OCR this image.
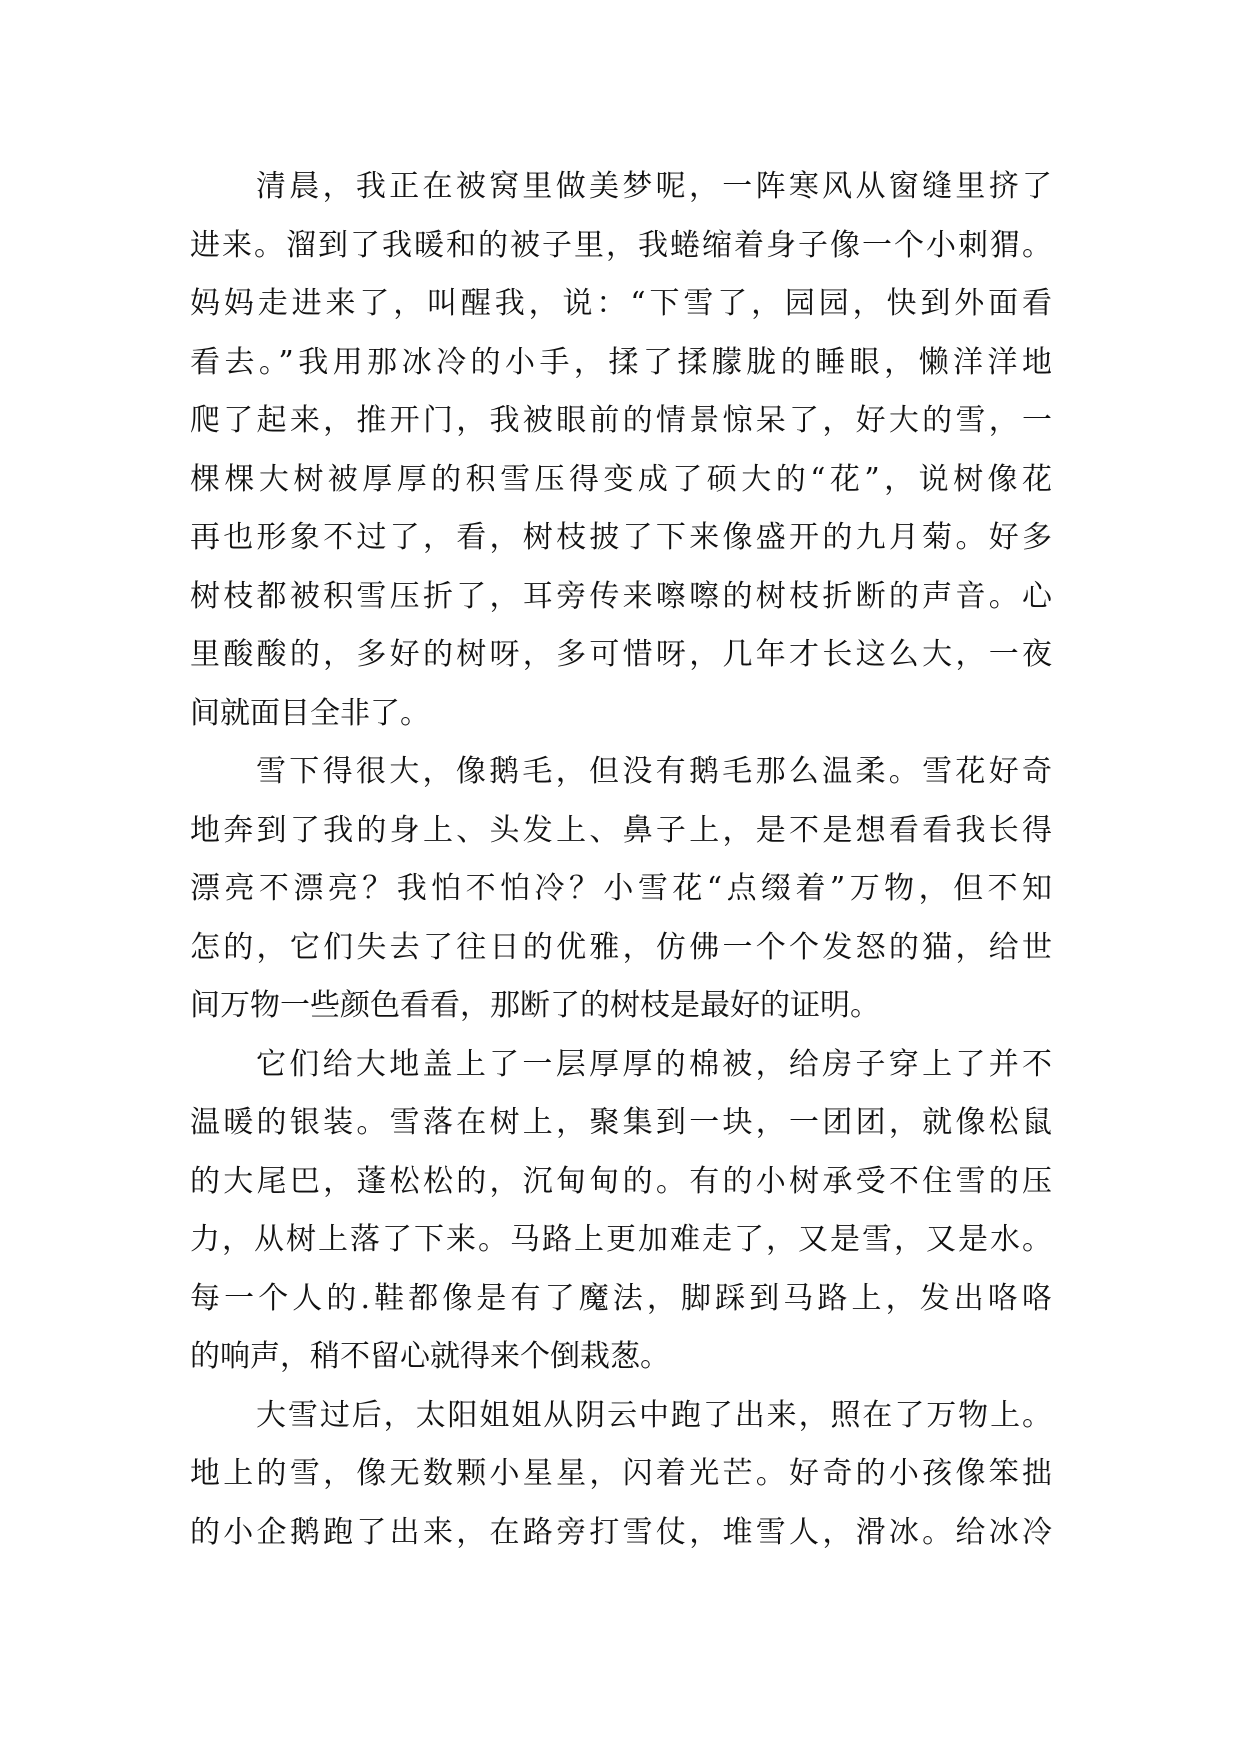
清晨，我正在被窝里做美梦呢，一阵寒风从窗缝里挤了
进来。溜到了我暖和的被子里，我蜷缩着身子像一个小刺猬。
妈妈走进来了，叫醒我，说：“下雪了，园园，快到外面看
看去。”我用那冰冷的小手，揉了揉朦胧的睡眼，懒洋洋地
爬了起来，推开门，我被眼前的情景惊呆了，好大的雪，一
棵棵大树被厚厚的积雪压得变成了硕大的“花”，说树像花
再也形象不过了，看，树枝披了下来像盛开的九月菊。好多
树枝都被积雪压折了，耳旁传来嚓嚓的树枝折断的声音。心
里酸酸的，多好的树呀，多可惜呀，几年才长这么大，一夜
间就面目全非了。
雪下得很大，像鹅毛，但没有鹅毛那么温柔。雪花好奇
地奔到了我的身上、头发上、鼻子上，是不是想看看我长得
漂亮不漂亮？我怕不怕冷？小雪花“点缀着”万物，但不知
怎的，它们失去了往日的优雅，仿佛一个个发怒的猫，给世
间万物一些颜色看看，那断了的树枝是最好的证明。
它们给大地盖上了一层厚厚的棉被，给房子穿上了并不
温暖的银装。雪落在树上，聚集到一块，一团团，就像松鼠
的大尾巴，蓬松松的，沉甸甸的。有的小树承受不住雪的压
力，从树上落了下来。马路上更加难走了，又是雪，又是水。
每一个人的.鞋都像是有了魔法，脚踩到马路上，发出咯咯
的响声，稍不留心就得来个倒栽葱。
大雪过后，太阳姐姐从阴云中跑了出来，照在了万物上。
地上的雪，像无数颗小星星，闪着光芒。好奇的小孩像笨拙
的小企鹅跑了出来，在路旁打雪仗，堆雪人，滑冰。给冰冷
